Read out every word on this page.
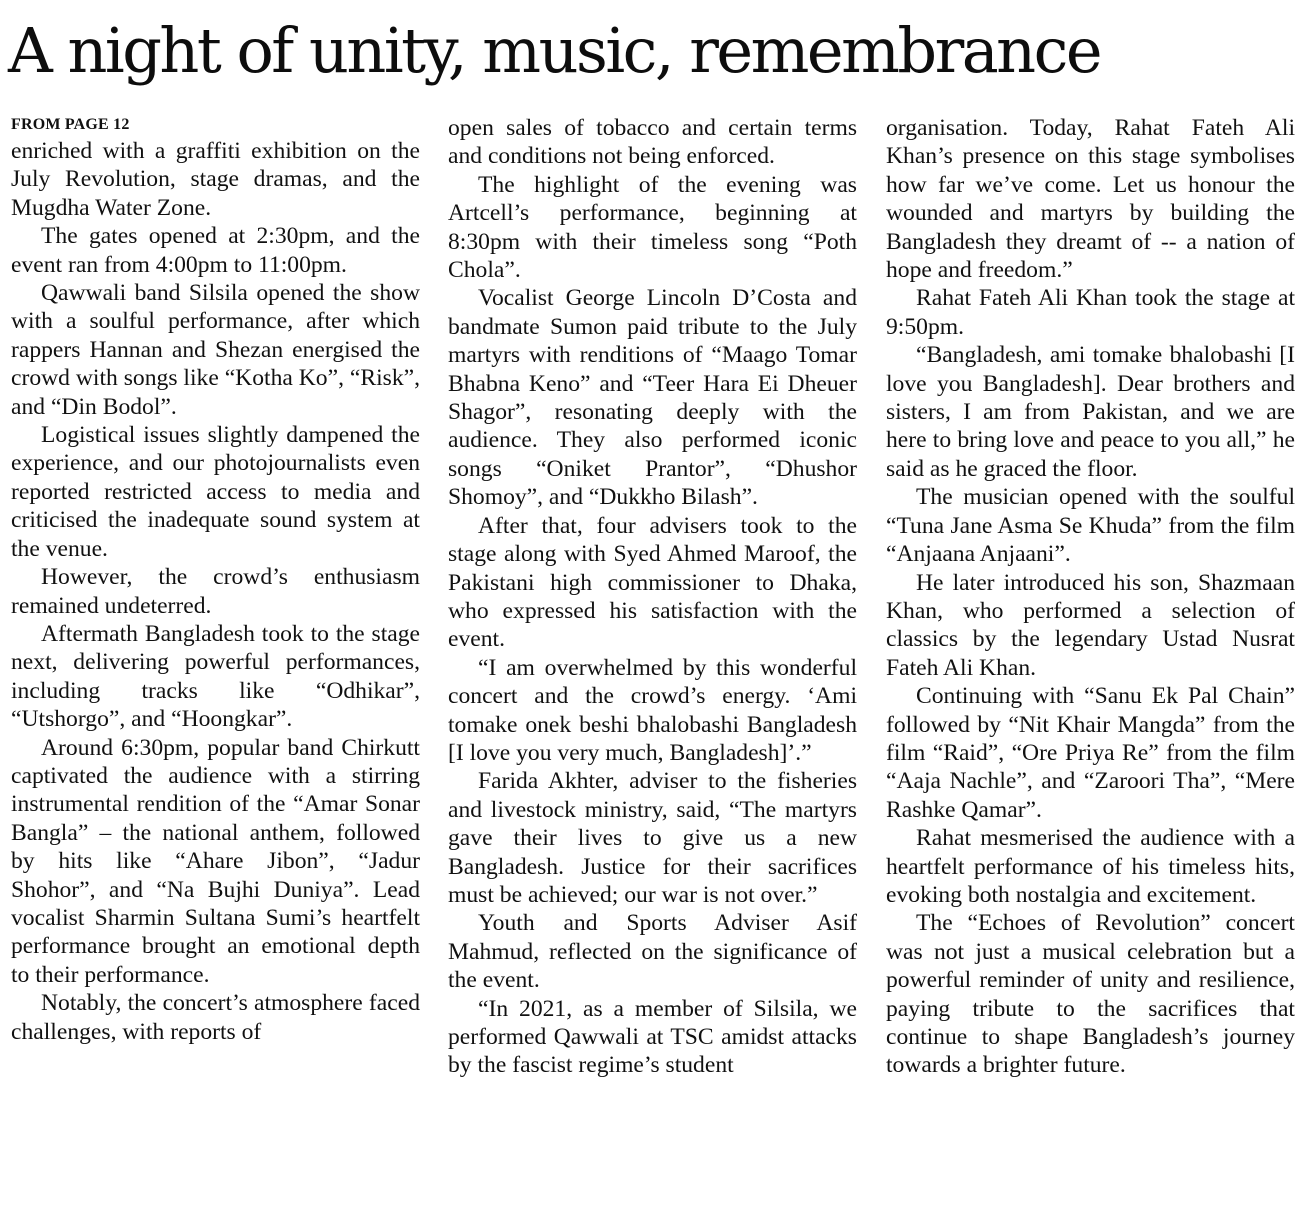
A night of unity, music, remembrance
FROM PAGE 12

enriched with a graffiti exhibition on the July Revolution, stage dramas, and the Mugdha Water Zone.

The gates opened at 2:30pm, and the event ran from 4:00pm to 11:00pm.

Qawwali band Silsila opened the show with a soulful performance, after which rappers Hannan and Shezan energised the crowd with songs like “Kotha Ko”, “Risk”, and “Din Bodol”.

Logistical issues slightly dampened the experience, and our photojournalists even reported restricted access to media and criticised the inadequate sound system at the venue.

However, the crowd’s enthusiasm remained undeterred.

Aftermath Bangladesh took to the stage next, delivering powerful performances, including tracks like “Odhikar”, “Utshorgo”, and “Hoongkar”.

Around 6:30pm, popular band Chirkutt captivated the audience with a stirring instrumental rendition of the “Amar Sonar Bangla” – the national anthem, followed by hits like “Ahare Jibon”, “Jadur Shohor”, and “Na Bujhi Duniya”. Lead vocalist Sharmin Sultana Sumi’s heartfelt performance brought an emotional depth to their performance.

Notably, the concert’s atmosphere faced challenges, with reports of

open sales of tobacco and certain terms and conditions not being enforced.

The highlight of the evening was Artcell’s performance, beginning at 8:30pm with their timeless song “Poth Chola”.

Vocalist George Lincoln D’Costa and bandmate Sumon paid tribute to the July martyrs with renditions of “Maago Tomar Bhabna Keno” and “Teer Hara Ei Dheuer Shagor”, resonating deeply with the audience. They also performed iconic songs “Oniket Prantor”, “Dhushor Shomoy”, and “Dukkho Bilash”.

After that, four advisers took to the stage along with Syed Ahmed Maroof, the Pakistani high commissioner to Dhaka, who expressed his satisfaction with the event.

“I am overwhelmed by this wonderful concert and the crowd’s energy. ‘Ami tomake onek beshi bhalobashi Bangladesh [I love you very much, Bangladesh]’.”

Farida Akhter, adviser to the fisheries and livestock ministry, said, “The martyrs gave their lives to give us a new Bangladesh. Justice for their sacrifices must be achieved; our war is not over.”

Youth and Sports Adviser Asif Mahmud, reflected on the significance of the event.

“In 2021, as a member of Silsila, we performed Qawwali at TSC amidst attacks by the fascist regime’s student

organisation. Today, Rahat Fateh Ali Khan’s presence on this stage symbolises how far we’ve come. Let us honour the wounded and martyrs by building the Bangladesh they dreamt of -- a nation of hope and freedom.”

Rahat Fateh Ali Khan took the stage at 9:50pm.

“Bangladesh, ami tomake bhalobashi [I love you Bangladesh]. Dear brothers and sisters, I am from Pakistan, and we are here to bring love and peace to you all,” he said as he graced the floor.

The musician opened with the soulful “Tuna Jane Asma Se Khuda” from the film “Anjaana Anjaani”.

He later introduced his son, Shazmaan Khan, who performed a selection of classics by the legendary Ustad Nusrat Fateh Ali Khan.

Continuing with “Sanu Ek Pal Chain” followed by “Nit Khair Mangda” from the film “Raid”, “Ore Priya Re” from the film “Aaja Nachle”, and “Zaroori Tha”, “Mere Rashke Qamar”.

Rahat mesmerised the audience with a heartfelt performance of his timeless hits, evoking both nostalgia and excitement.

The “Echoes of Revolution” concert was not just a musical celebration but a powerful reminder of unity and resilience, paying tribute to the sacrifices that continue to shape Bangladesh’s journey towards a brighter future.
